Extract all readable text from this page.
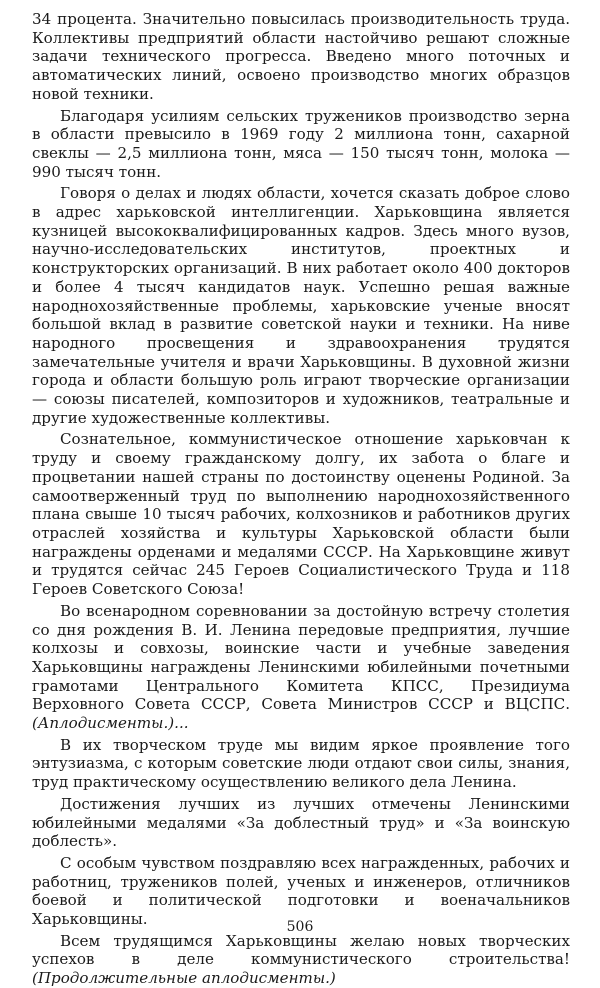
34 процента. Значительно повысилась производительность труда. Коллективы предприятий области настойчиво решают сложные задачи технического прогресса. Введено много поточных и автоматических линий, освоено производство многих образцов новой техники.

Благодаря усилиям сельских тружеников производство зерна в области превысило в 1969 году 2 миллиона тонн, сахарной свеклы — 2,5 миллиона тонн, мяса — 150 тысяч тонн, молока — 990 тысяч тонн.

Говоря о делах и людях области, хочется сказать доброе слово в адрес харьковской интеллигенции. Харьковщина является кузницей высококвалифицированных кадров. Здесь много вузов, научно-исследовательских институтов, проектных и конструкторских организаций. В них работает около 400 докторов и более 4 тысяч кандидатов наук. Успешно решая важные народнохозяйственные проблемы, харьковские ученые вносят большой вклад в развитие советской науки и техники. На ниве народного просвещения и здравоохранения трудятся замечательные учителя и врачи Харьковщины. В духовной жизни города и области большую роль играют творческие организации — союзы писателей, композиторов и художников, театральные и другие художественные коллективы.

Сознательное, коммунистическое отношение харьковчан к труду и своему гражданскому долгу, их забота о благе и процветании нашей страны по достоинству оценены Родиной. За самоотверженный труд по выполнению народнохозяйственного плана свыше 10 тысяч рабочих, колхозников и работников других отраслей хозяйства и культуры Харьковской области были награждены орденами и медалями СССР. На Харьковщине живут и трудятся сейчас 245 Героев Социалистического Труда и 118 Героев Советского Союза!

Во всенародном соревновании за достойную встречу столетия со дня рождения В. И. Ленина передовые предприятия, лучшие колхозы и совхозы, воинские части и учебные заведения Харьковщины награждены Ленинскими юбилейными почетными грамотами Центрального Комитета КПСС, Президиума Верховного Совета СССР, Совета Министров СССР и ВЦСПС. (Аплодисменты.)...

В их творческом труде мы видим яркое проявление того энтузиазма, с которым советские люди отдают свои силы, знания, труд практическому осуществлению великого дела Ленина.

Достижения лучших из лучших отмечены Ленинскими юбилейными медалями «За доблестный труд» и «За воинскую доблесть».

С особым чувством поздравляю всех награжденных, рабочих и работниц, тружеников полей, ученых и инженеров, отличников боевой и политической подготовки и военачальников Харьковщины.

Всем трудящимся Харьковщины желаю новых творческих успехов в деле коммунистического строительства! (Продолжительные аплодисменты.)

506
